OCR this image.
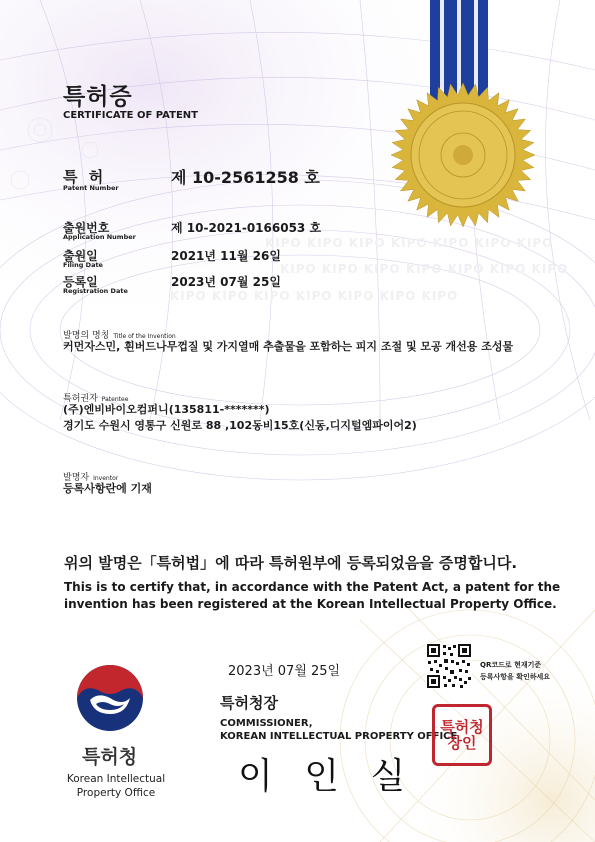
특허증
CERTIFICATE OF PATENT
특 허
Patent Number
제 10-2561258 호
출원번호
Application Number
제 10-2021-0166053 호
출원일
Filing Date
2021년 11월 26일
등록일
Registration Date
2023년 07월 25일
KIPO KIPO KIPO KIPO KIPO KIPO KIPO
KIPO KIPO KIPO KIPO KIPO KIPO KIPO
KIPO KIPO KIPO KIPO KIPO KIPO KIPO
발명의 명칭 Title of the Invention
커먼자스민, 흰버드나무껍질 및 가지열매 추출물을 포함하는 피지 조절 및 모공 개선용 조성물
특허권자 Patentee
(주)엔비바이오컴퍼니(135811-*******)
경기도 수원시 영통구 신원로 88 ,102동비15호(신동,디지털엠파이어2)
발명자 Inventor
등록사항란에 기재
위의 발명은「특허법」에 따라 특허원부에 등록되었음을 증명합니다.
This is to certify that, in accordance with the Patent Act, a patent for the
invention has been registered at the Korean Intellectual Property Office.
2023년 07월 25일	QR코드로 현재기준
등록사항을 확인하세요
특허청
Korean Intellectual
Property Office
특허청장
COMMISSIONER,
KOREAN INTELLECTUAL PROPERTY OFFICE
이 인 실
특허청장인
